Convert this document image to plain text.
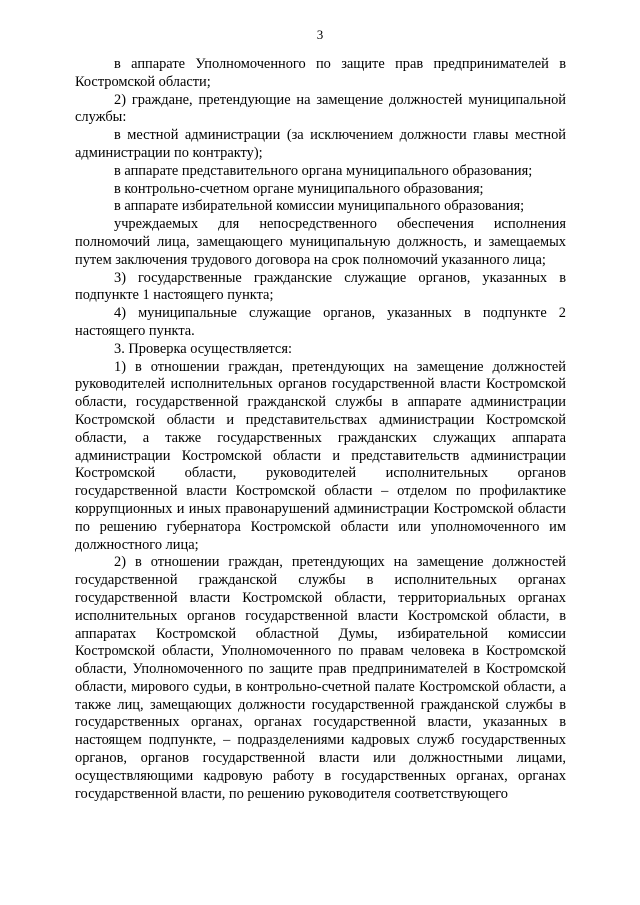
3

в аппарате Уполномоченного по защите прав предпринимателей в Костромской области;

2) граждане, претендующие на замещение должностей муниципальной службы:

в местной администрации (за исключением должности главы местной администрации по контракту);

в аппарате представительного органа муниципального образования;

в контрольно-счетном органе муниципального образования;

в аппарате избирательной комиссии муниципального образования;

учреждаемых для непосредственного обеспечения исполнения полномочий лица, замещающего муниципальную должность, и замещаемых путем заключения трудового договора на срок полномочий указанного лица;

3) государственные гражданские служащие органов, указанных в подпункте 1 настоящего пункта;

4) муниципальные служащие органов, указанных в подпункте 2 настоящего пункта.

3. Проверка осуществляется:

1) в отношении граждан, претендующих на замещение должностей руководителей исполнительных органов государственной власти Костромской области, государственной гражданской службы в аппарате администрации Костромской области и представительствах администрации Костромской области, а также государственных гражданских служащих аппарата администрации Костромской области и представительств администрации Костромской области, руководителей исполнительных органов государственной власти Костромской области – отделом по профилактике коррупционных и иных правонарушений администрации Костромской области по решению губернатора Костромской области или уполномоченного им должностного лица;

2) в отношении граждан, претендующих на замещение должностей государственной гражданской службы в исполнительных органах государственной власти Костромской области, территориальных органах исполнительных органов государственной власти Костромской области, в аппаратах Костромской областной Думы, избирательной комиссии Костромской области, Уполномоченного по правам человека в Костромской области, Уполномоченного по защите прав предпринимателей в Костромской области, мирового судьи, в контрольно-счетной палате Костромской области, а также лиц, замещающих должности государственной гражданской службы в государственных органах, органах государственной власти, указанных в настоящем подпункте, – подразделениями кадровых служб государственных органов, органов государственной власти или должностными лицами, осуществляющими кадровую работу в государственных органах, органах государственной власти, по решению руководителя соответствующего
